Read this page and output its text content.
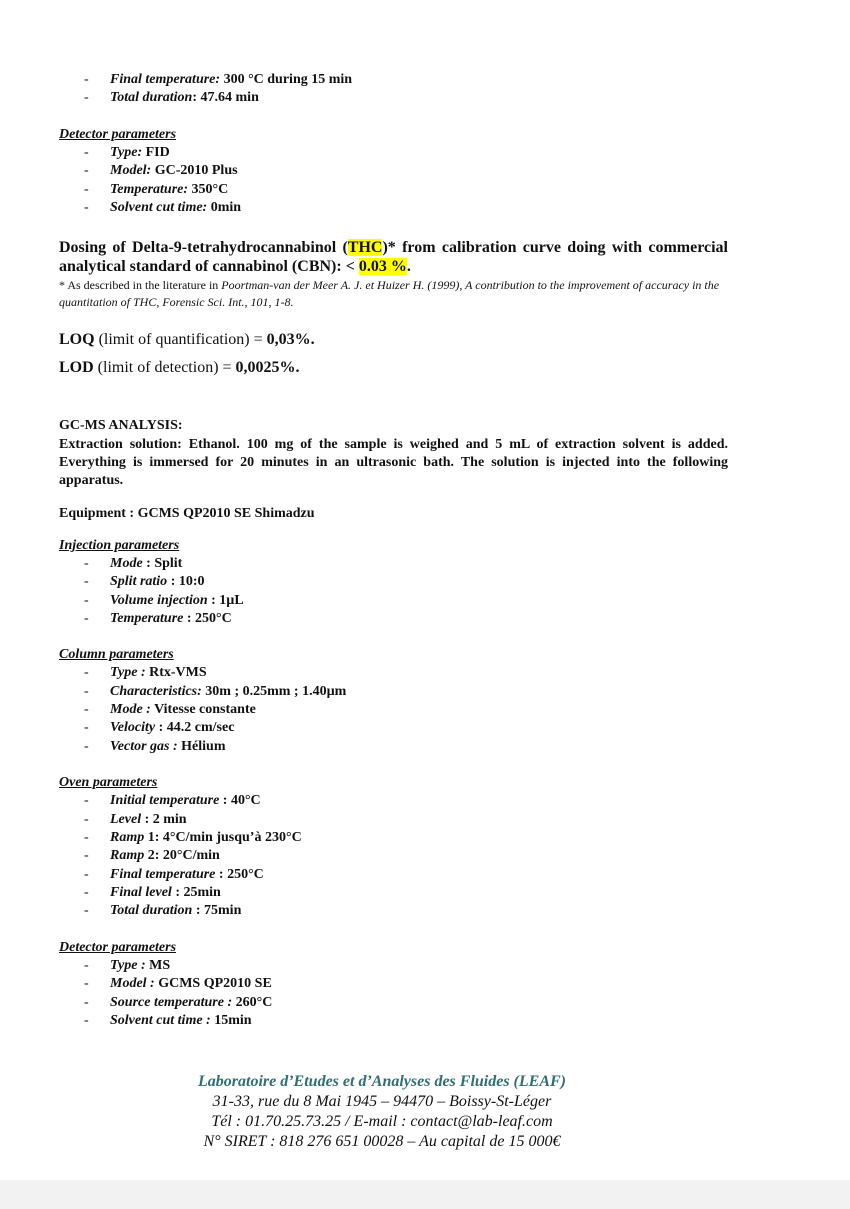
- Final temperature: 300 °C during 15 min
- Total duration: 47.64 min
Detector parameters
- Type: FID
- Model: GC-2010 Plus
- Temperature: 350°C
- Solvent cut time: 0min
Dosing of Delta-9-tetrahydrocannabinol (THC)* from calibration curve doing with commercial analytical standard of cannabinol (CBN): < 0.03 %.
* As described in the literature in Poortman-van der Meer A. J. et Huizer H. (1999), A contribution to the improvement of accuracy in the quantitation of THC, Forensic Sci. Int., 101, 1-8.
LOQ (limit of quantification) = 0,03%.
LOD (limit of detection) = 0,0025%.
GC-MS ANALYSIS:
Extraction solution: Ethanol. 100 mg of the sample is weighed and 5 mL of extraction solvent is added. Everything is immersed for 20 minutes in an ultrasonic bath. The solution is injected into the following apparatus.
Equipment : GCMS QP2010 SE Shimadzu
Injection parameters
- Mode : Split
- Split ratio : 10:0
- Volume injection : 1µL
- Temperature : 250°C
Column parameters
- Type : Rtx-VMS
- Characteristics: 30m ; 0.25mm ; 1.40µm
- Mode : Vitesse constante
- Velocity : 44.2 cm/sec
- Vector gas : Hélium
Oven parameters
- Initial temperature : 40°C
- Level : 2 min
- Ramp 1: 4°C/min jusqu’à 230°C
- Ramp 2: 20°C/min
- Final temperature : 250°C
- Final level : 25min
- Total duration : 75min
Detector parameters
- Type : MS
- Model : GCMS QP2010 SE
- Source temperature : 260°C
- Solvent cut time : 15min
Laboratoire d’Etudes et d’Analyses des Fluides (LEAF)
31-33, rue du 8 Mai 1945 – 94470 – Boissy-St-Léger
Tél : 01.70.25.73.25 / E-mail : contact@lab-leaf.com
N° SIRET : 818 276 651 00028 – Au capital de 15 000€
